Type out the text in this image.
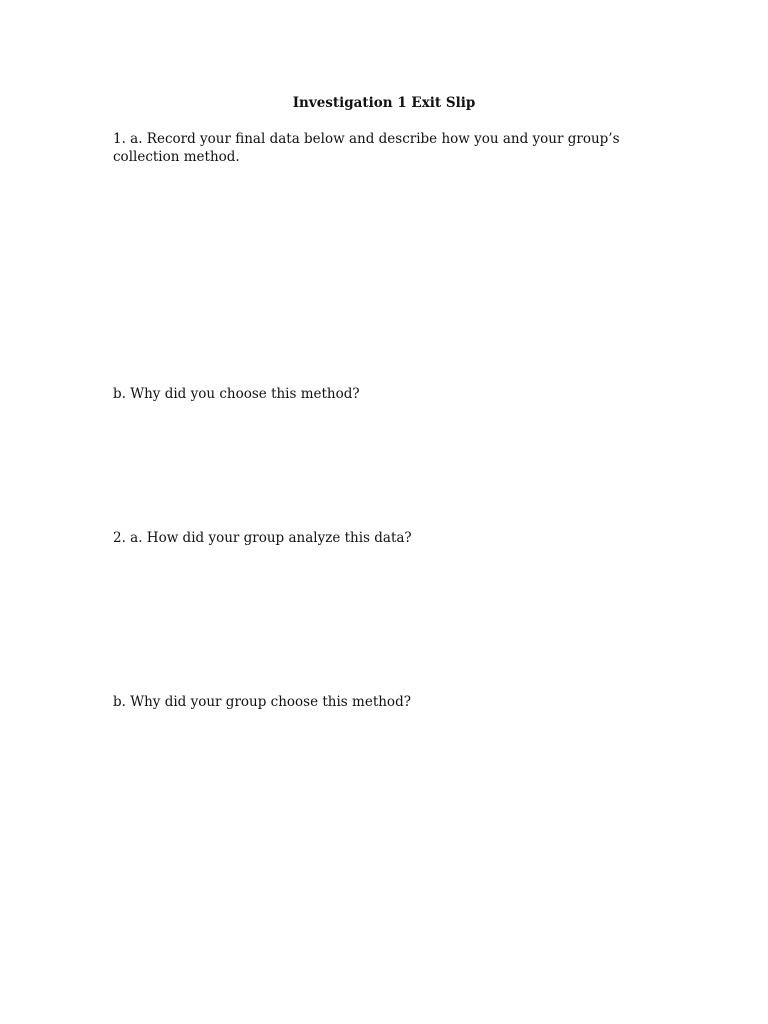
Investigation 1 Exit Slip
1. a. Record your final data below and describe how you and your group’s collection method.
b. Why did you choose this method?
2. a. How did your group analyze this data?
b. Why did your group choose this method?
